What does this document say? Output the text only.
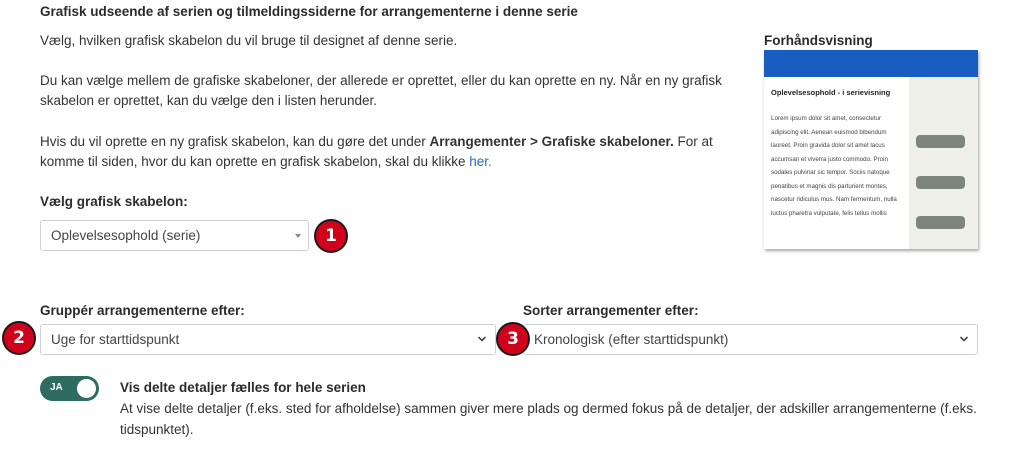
Grafisk udseende af serien og tilmeldingssiderne for arrangementerne i denne serie
Vælg, hvilken grafisk skabelon du vil bruge til designet af denne serie.
Du kan vælge mellem de grafiske skabeloner, der allerede er oprettet, eller du kan oprette en ny. Når en ny grafisk skabelon er oprettet, kan du vælge den i listen herunder.
Hvis du vil oprette en ny grafisk skabelon, kan du gøre det under Arrangementer > Grafiske skabeloner. For at komme til siden, hvor du kan oprette en grafisk skabelon, skal du klikke her.
Vælg grafisk skabelon:
Oplevelsesophold (serie)	1
Gruppér arrangementerne efter:
Uge for starttidspunkt
2
Sorter arrangementer efter:
Kronologisk (efter starttidspunkt)
3
JA	Vis delte detaljer fælles for hele serien
At vise delte detaljer (f.eks. sted for afholdelse) sammen giver mere plads og dermed fokus på de detaljer, der adskiller arrangementerne (f.eks. tidspunktet).
Forhåndsvisning
Oplevelsesophold - i serievisning
Lorem ipsum dolor sit amet, consectetur adipiscing elit. Aenean euismod bibendum laoreet. Proin gravida dolor sit amet lacus accumsan et viverra justo commodo. Proin sodales pulvinar sic tempor. Sociis natoque penatibus et magnis dis parturient montes, nascetur ridiculus mus. Nam fermentum, nulla luctus pharetra vulputate, felis tellus mollis
